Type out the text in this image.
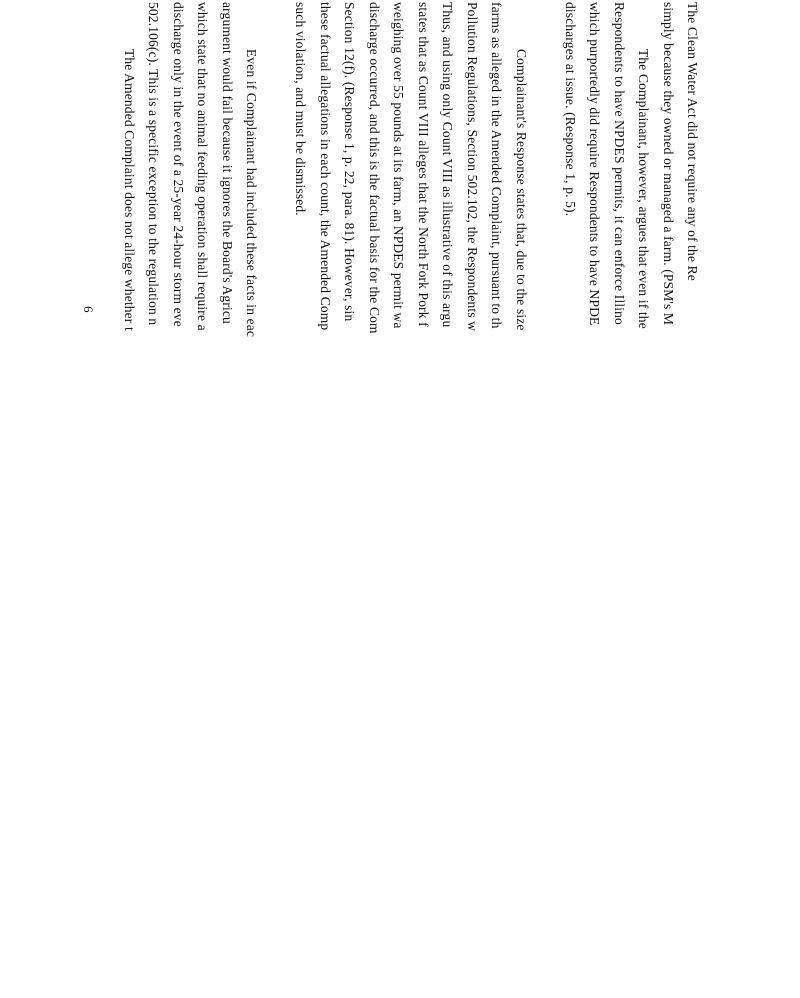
The Clean Water Act did not require any of the Re
simply because they owned or managed a farm. (PSM's M
The Complainant, however, argues that even if the
Respondents to have NPDES permits, it can enforce Illino
which purportedly did require Respondents to have NPDE
discharges at issue. (Response 1, p. 5).
Complainant's Response states that, due to the size
farms as alleged in the Amended Complaint, pursuant to th
Pollution Regulations, Section 502.102, the Respondents w
Thus, and using only Count VIII as illustrative of this argu
states that as Count VIII alleges that the North Fork Pork f
weighing over 55 pounds at its farm, an NPDES permit wa
discharge occurred, and this is the factual basis for the Com
Section 12(f). (Response 1, p. 22, para. 81). However, sin
these factual allegations in each count, the Amended Comp
such violation, and must be dismissed.
Even if Complainant had included these facts in eac
argument would fail because it ignores the Board's Agricu
which state that no animal feeding operation shall require a
discharge only in the event of a 25-year 24-hour storm eve
502.106(c). This is a specific exception to the regulation n
The Amended Complaint does not allege whether t
6
